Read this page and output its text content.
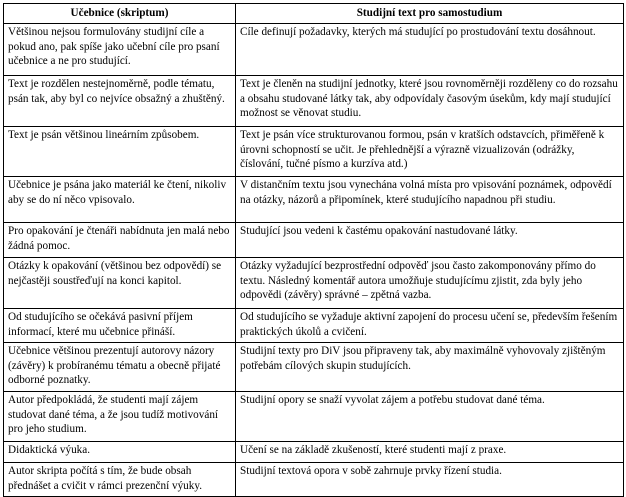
Učebnice (skriptum)	Studijní text pro samostudium
Většinou nejsou formulovány studijní cíle a pokud ano, pak spíše jako učební cíle pro psaní učebnice a ne pro studující.	Cíle definují požadavky, kterých má studující po prostudování textu dosáhnout.
Text je rozdělen nestejnoměrně, podle tématu, psán tak, aby byl co nejvíce obsažný a zhuštěný.	Text je členěn na studijní jednotky, které jsou rovnoměrněji rozděleny co do rozsahu a obsahu studované látky tak, aby odpovídaly časovým úsekům, kdy mají studující možnost se věnovat studiu.
Text je psán většinou lineárním způsobem.	Text je psán více strukturovanou formou, psán v kratších odstavcích, přiměřeně k úrovni schopností se učit. Je přehlednější a výrazně vizualizován (odrážky, číslování, tučné písmo a kurzíva atd.)
Učebnice je psána jako materiál ke čtení, nikoliv aby se do ní něco vpisovalo.	V distančním textu jsou vynechána volná místa pro vpisování poznámek, odpovědí na otázky, názorů a připomínek, které studujícího napadnou při studiu.
Pro opakování je čtenáři nabídnuta jen malá nebo žádná pomoc.	Studující jsou vedeni k častému opakování nastudované látky.
Otázky k opakování (většinou bez odpovědí) se nejčastěji soustřeďují na konci kapitol.	Otázky vyžadující bezprostřední odpověď jsou často zakomponovány přímo do textu. Následný komentář autora umožňuje studujícímu zjistit, zda byly jeho odpovědi (závěry) správné – zpětná vazba.
Od studujícího se očekává pasivní příjem informací, které mu učebnice přináší.	Od studujícího se vyžaduje aktivní zapojení do procesu učení se, především řešením praktických úkolů a cvičení.
Učebnice většinou prezentují autorovy názory (závěry) k probíranému tématu a obecně přijaté odborné poznatky.	Studijní texty pro DiV jsou připraveny tak, aby maximálně vyhovovaly zjištěným potřebám cílových skupin studujících.
Autor předpokládá, že studenti mají zájem studovat dané téma, a že jsou tudíž motivování pro jeho studium.	Studijní opory se snaží vyvolat zájem a potřebu studovat dané téma.
Didaktická výuka.	Učení se na základě zkušeností, které studenti mají z praxe.
Autor skripta počítá s tím, že bude obsah přednášet a cvičit v rámci prezenční výuky.	Studijní textová opora v sobě zahrnuje prvky řízení studia.
